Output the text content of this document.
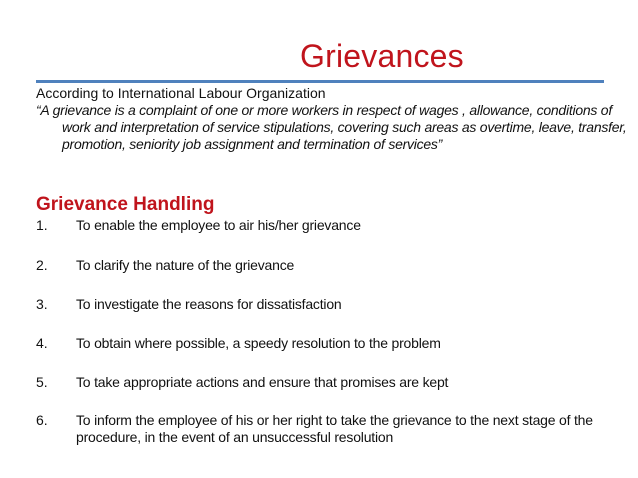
Grievances
According to International Labour Organization
“A grievance is a complaint of one or more workers in respect of wages , allowance, conditions of work and interpretation of service stipulations, covering such areas as overtime, leave, transfer, promotion, seniority job assignment and termination of services”
Grievance Handling
1.	To enable the employee to air his/her grievance
2.	To clarify the nature of the grievance
3.	To investigate the reasons for dissatisfaction
4.	To obtain where possible, a speedy resolution to the problem
5.	To take appropriate actions and ensure that promises are kept
6.	To inform the employee of his or her right to take the grievance to the next stage of the procedure, in the event of an unsuccessful resolution
